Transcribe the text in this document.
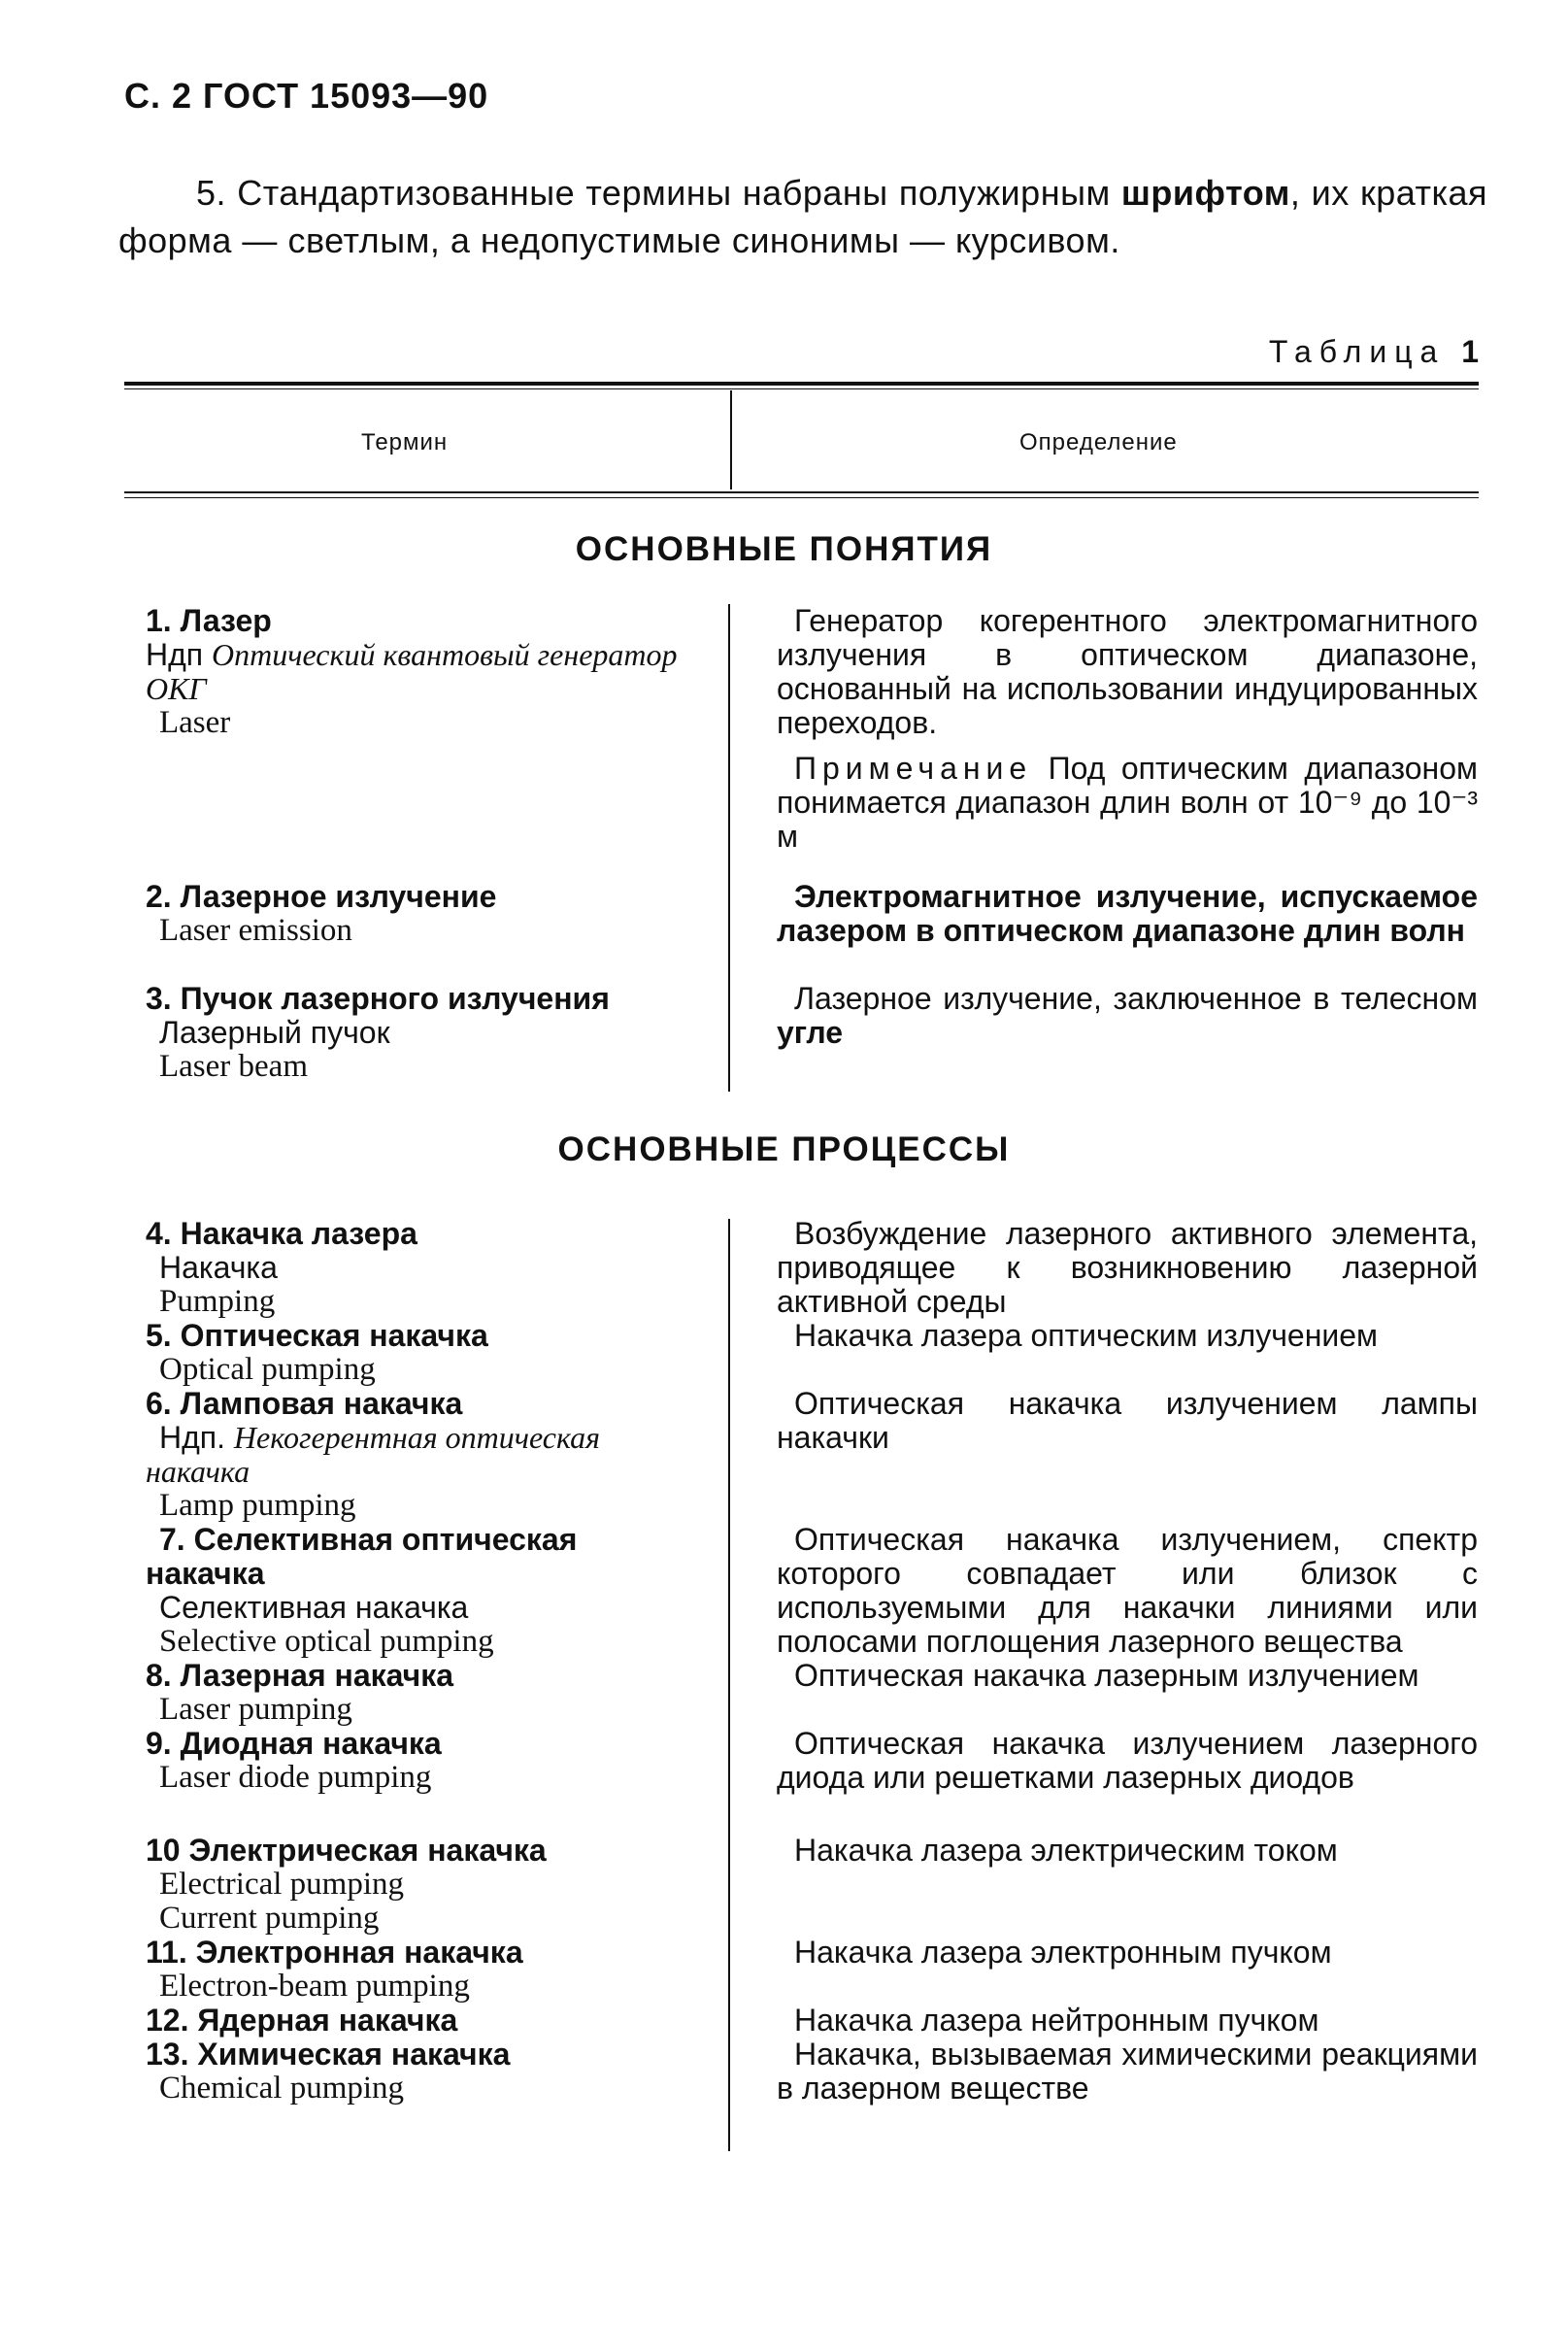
С. 2 ГОСТ 15093—90
5. Стандартизованные термины набраны полужирным шрифтом, их краткая форма — светлым, а недопустимые синонимы — курсивом.
Таблица 1
Термин	Определение
ОСНОВНЫЕ ПОНЯТИЯ
1. Лазер
Ндп Оптический квантовый генератор ОКГ
Laser
Генератор когерентного электромагнитного излучения в оптическом диапазоне, основанный на использовании индуцированных переходов.
Примечание Под оптическим диапазоном понимается диапазон длин волн от 10⁻⁹ до 10⁻³ м
2. Лазерное излучение
Laser emission
Электромагнитное излучение, испускаемое лазером в оптическом диапазоне длин волн
3. Пучок лазерного излучения
Лазерный пучок
Laser beam
Лазерное излучение, заключенное в телесном угле
ОСНОВНЫЕ ПРОЦЕССЫ
4. Накачка лазера
Накачка
Pumping
Возбуждение лазерного активного элемента, приводящее к возникновению лазерной активной среды
5. Оптическая накачка
Optical pumping
Накачка лазера оптическим излучением
6. Ламповая накачка
Ндп. Некогерентная оптическая накачка
Lamp pumping
Оптическая накачка излучением лампы накачки
7. Селективная оптическая накачка
Селективная накачка
Selective optical pumping
Оптическая накачка излучением, спектр которого совпадает или близок с используемыми для накачки линиями или полосами поглощения лазерного вещества
8. Лазерная накачка
Laser pumping
Оптическая накачка лазерным излучением
9. Диодная накачка
Laser diode pumping
Оптическая накачка излучением лазерного диода или решетками лазерных диодов
10 Электрическая накачка
Electrical pumping
Current pumping
Накачка лазера электрическим током
11. Электронная накачка
Electron-beam pumping
Накачка лазера электронным пучком
12. Ядерная накачка	Накачка лазера нейтронным пучком
13. Химическая накачка
Chemical pumping
Накачка, вызываемая химическими реакциями в лазерном веществе
